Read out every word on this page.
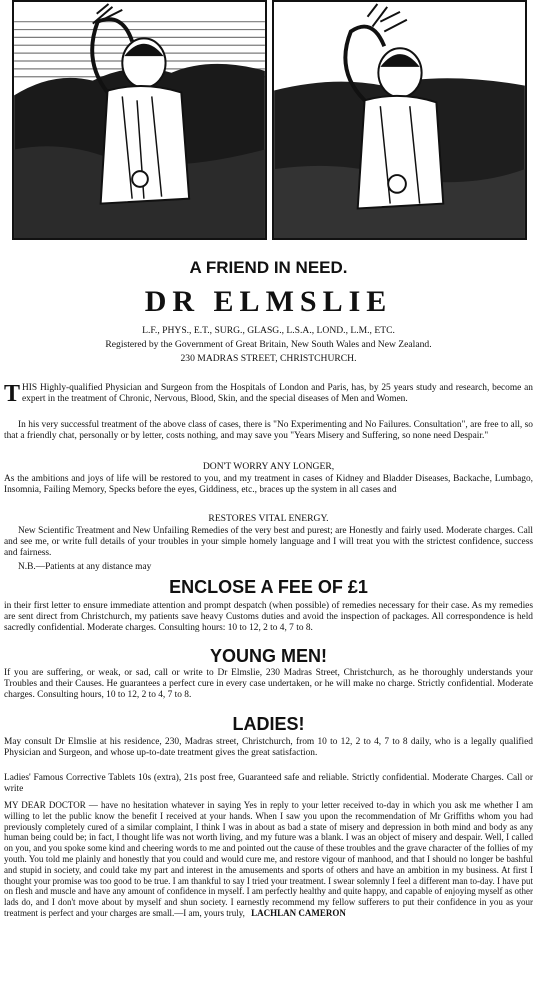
A FRIEND IN NEED.
DR ELMSLIE
L.F., PHYS., E.T., SURG., GLASG., L.S.A., LOND., L.M., ETC.
Registered by the Government of Great Britain, New South Wales and New Zealand.
230 MADRAS STREET, CHRISTCHURCH.
T HIS Highly-qualified Physician and Surgeon from the Hospitals of London and Paris, has, by 25 years study and research, become an expert in the treatment of Chronic, Nervous, Blood, Skin, and the special diseases of Men and Women.
In his very successful treatment of the above class of cases, there is "No Experimenting and No Failures. Consultation", are free to all, so that a friendly chat, personally or by letter, costs nothing, and may save you "Years Misery and Suffering, so none need Despair."
DON'T WORRY ANY LONGER,
As the ambitions and joys of life will be restored to you, and my treatment in cases of Kidney and Bladder Diseases, Backache, Lumbago, Insomnia, Failing Memory, Specks before the eyes, Giddiness, etc., braces up the system in all cases and
RESTORES VITAL ENERGY.
New Scientific Treatment and New Unfailing Remedies of the very best and purest; are Honestly and fairly used. Moderate charges. Call and see me, or write full details of your troubles in your simple homely language and I will treat you with the strictest confidence, success and fairness.
N.B.—Patients at any distance may
ENCLOSE A FEE OF £1
in their first letter to ensure immediate attention and prompt despatch (when possible) of remedies necessary for their case. As my remedies are sent direct from Christchurch, my patients save heavy Customs duties and avoid the inspection of packages. All correspondence is held sacredly confidential. Moderate charges. Consulting hours: 10 to 12, 2 to 4, 7 to 8.
YOUNG MEN!
If you are suffering, or weak, or sad, call or write to Dr Elmslie, 230 Madras Street, Christchurch, as he thoroughly understands your Troubles and their Causes. He guarantees a perfect cure in every case undertaken, or he will make no charge. Strictly confidential. Moderate charges. Consulting hours, 10 to 12, 2 to 4, 7 to 8.
LADIES!
May consult Dr Elmslie at his residence, 230, Madras street, Christchurch, from 10 to 12, 2 to 4, 7 to 8 daily, who is a legally qualified Physician and Surgeon, and whose up-to-date treatment gives the great satisfaction.
Ladies' Famous Corrective Tablets 10s (extra), 21s post free, Guaranteed safe and reliable. Strictly confidential. Moderate Charges. Call or write
MY DEAR DOCTOR — have no hesitation whatever in saying Yes in reply to your letter received to-day in which you ask me whether I am willing to let the public know the benefit I received at your hands. When I saw you upon the recommendation of Mr Griffiths whom you had previously completely cured of a similar complaint, I think I was in about as bad a state of misery and depression in both mind and body as any human being could be; in fact, I thought life was not worth living, and my future was a blank. I was an object of misery and despair. Well, I called on you, and you spoke some kind and cheering words to me and pointed out the cause of these troubles and the grave character of the follies of my youth. You told me plainly and honestly that you could and would cure me, and restore vigour of manhood, and that I should no longer be bashful and stupid in society, and could take my part and interest in the amusements and sports of others and have an ambition in my business. At first I thought your promise was too good to be true. I am thankful to say I tried your treatment. I swear solemnly I feel a different man to-day. I have put on flesh and muscle and have any amount of confidence in myself. I am perfectly healthy and quite happy, and capable of enjoying myself as other lads do, and I don't move about by myself and shun society. I earnestly recommend my fellow sufferers to put their confidence in you as your treatment is perfect and your charges are small.—I am, yours truly, LACHLAN CAMERON
